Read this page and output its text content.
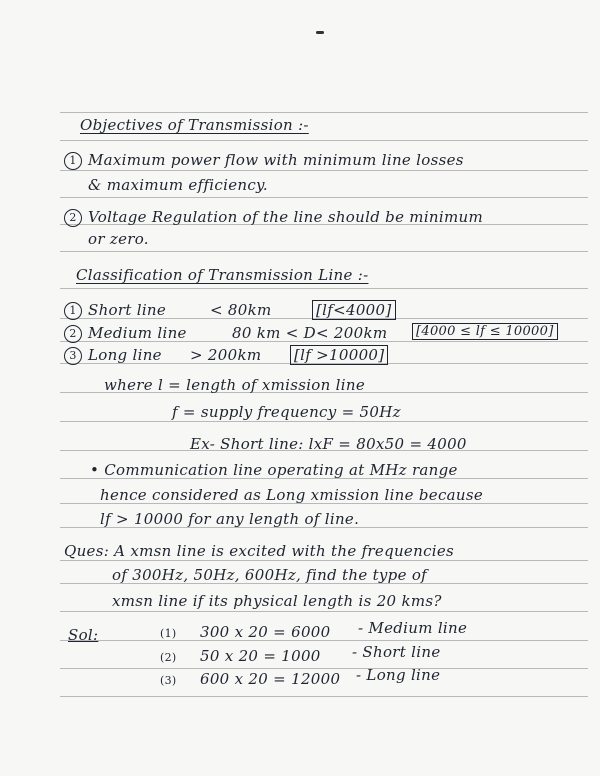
Objectives of Transmission :-
1 Maximum power flow with minimum line losses
& maximum efficiency.
2 Voltage Regulation of the line should be minimum
or zero.
Classification of Transmission Line :-
1 Short line	< 80km	[lf<4000]
2 Medium line	80 km < D< 200km	[4000 ≤ lf ≤ 10000]
3 Long line > 200km [lf >10000]
where l = length of xmission line
f = supply frequency = 50Hz
Ex- Short line: lxF = 80x50 = 4000
• Communication line operating at MHz range
hence considered as Long xmission line because
lf > 10000 for any length of line.
Ques: A xmsn line is excited with the frequencies
of 300Hz, 50Hz, 600Hz, find the type of
xmsn line if its physical length is 20 kms?
Sol:	(1) 300 x 20 = 6000 - Medium line
(2) 50 x 20 = 1000 - Short line
(3) 600 x 20 = 12000 - Long line
